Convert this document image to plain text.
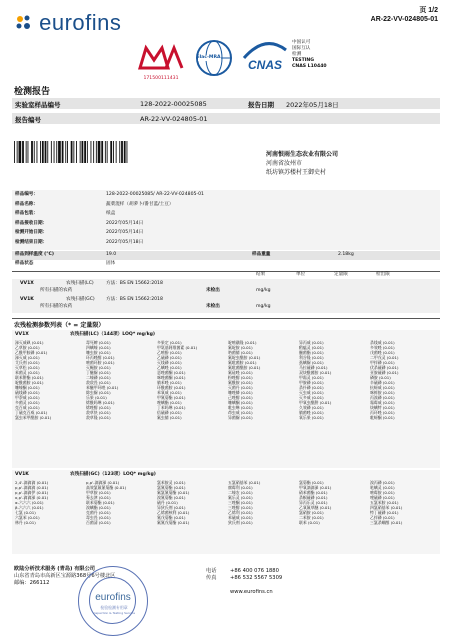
eurofins	页 1/2
AR-22-VV-024805-01
171500111431
ilac-MRA
CNAS
中国认可
国际互认
检测
TESTING
CNAS L10440
检测报告
实验室样品编号	128-2022-00025085	报告日期 2022年05月18日
报告编号	AR-22-VV-024805-01
河南恨雨生态农业有限公司
河南省汝州市
纸坊镇苏楼村王御史村
样品编号：	128-2022-00025085/ AR-22-VV-024805-01
样品名称：	蔬菜混样（胡萝卜/番甘蓝/土豆）
样品包装：	纸盒
样品接收日期：	2022年05月14日
检测开始日期：	2022年05月14日
检测结束日期：	2022年05月18日
样品到样温度 (°C)	19.0	样品重量	2.18kg
样品状态	固体
结果	单位	定量限	检出限
VV1X	农残扫描(LC)	方法：BS EN 15662:2018
所有扫描的农药	未检出	mg/kg
VV1K	农残扫描(GC) 方法：BS EN 15662:2018
所有扫描的农药	未检出	mg/kg
农残检测参数列表（* = 定量限）
VV1X	农残扫描(LC)（144项）LOQ* mg/kg)
涕灭威砜 (0.01)
乙草胺 (0.01)
乙酰甲胺磷 (0.01)
涕灭威 (0.01)
艾氏剂 (0.01)
灭草松 (0.01)
苯菌灵 (0.01)
联苯肼酯 (0.01)
啶酰菌胺 (0.01)
噻嗪酮 (0.01)
硫线磷 (0.01)
甲萘威 (0.01)
多菌灵 (0.01)
克百威 (0.01)
丁硫克百威 (0.01)
氯虫苯甲酰胺 (0.01)
毒死蜱 (0.01)
四螨嗪 (0.01)
噻虫胺 (0.01)
环丙唑醇 (0.01)
嘧菌环胺 (0.01)
灭蝇胺 (0.01)
丁醚脲 (0.01)
二嗪磷 (0.01)
敌敌畏 (0.01)
苯醚甲环唑 (0.01)
除虫脲 (0.01)
乐果 (0.01)
烯酰吗啉 (0.01)
烯唑醇 (0.01)
敌草快 (0.01)
敌草隆 (0.01)
多果定 (0.01)
甲氨基阿维菌素 (0.01)
乙嘧酚 (0.01)
乙硫磷 (0.01)
灭线磷 (0.01)
乙螨唑 (0.01)
恶唑菌酮 (0.01)
咪唑菌酮 (0.01)
腈苯唑 (0.01)
环酰菌胺 (0.01)
苯氧威 (0.01)
甲氰菊酯 (0.01)
唑螨酯 (0.01)
丁苯吗啉 (0.01)
倍硫磷 (0.01)
氟虫腈 (0.01)
啶嘧磺隆 (0.01)
氟啶胺 (0.01)
咯菌腈 (0.01)
氟啶虫酰胺 (0.01)
氟吡菌胺 (0.01)
氟吡菌酰胺 (0.01)
氟硅唑 (0.01)
粉唑醇 (0.01)
氟酰胺 (0.01)
灭菌丹 (0.01)
噻唑膦 (0.01)
己唑醇 (0.01)
噻螨酮 (0.01)
吡虫啉 (0.01)
茚虫威 (0.01)
异菌脲 (0.01)
异丙威 (0.01)
稻瘟灵 (0.01)
醚菌酯 (0.01)
利谷隆 (0.01)
虱螨脲 (0.01)
马拉硫磷 (0.01)
双炔酰菌胺 (0.01)
甲霜灵 (0.01)
甲胺磷 (0.01)
杀扑磷 (0.01)
灭虫威 (0.01)
灭多威 (0.01)
甲氧虫酰肼 (0.01)
久效磷 (0.01)
腈菌唑 (0.01)
氧乐果 (0.01)
杀线威 (0.01)
多效唑 (0.01)
戊菌唑 (0.01)
二甲戊灵 (0.01)
甲拌磷 (0.01)
伏杀硫磷 (0.01)
亚胺硫磷 (0.01)
磷胺 (0.01)
辛硫磷 (0.01)
抗蚜威 (0.01)
咪鲜胺 (0.01)
丙溴磷 (0.01)
霜霉威 (0.01)
炔螨特 (0.01)
丙环唑 (0.01)
吡蚜酮 (0.01)
VV1K	农残扫描(GC)（123项）LOQ* mg/kg)
2,4'-滴滴滴 (0.01)
p,p'-滴滴滴 (0.01)
p,p'-滴滴伊 (0.01)
o,p'-滴滴涕 (0.01)
α-六六六 (0.01)
β-六六六 (0.01)
七氯 (0.01)
六氯苯 (0.01)
林丹 (0.01)
p,p'-滴滴涕 (0.01)
高效氯氟氰菊酯 (0.01)
甲草胺 (0.01)
莠去津 (0.01)
联苯菊酯 (0.01)
溴螨酯 (0.01)
克菌丹 (0.01)
毒虫畏 (0.01)
百菌清 (0.01)
氯苯胺灵 (0.01)
氯氰菊酯 (0.01)
氟氯氰菊酯 (0.01)
溴氰菊酯 (0.01)
硫丹 (0.01)
异狄氏剂 (0.01)
乙烯菌核利 (0.01)
氰戊菊酯 (0.01)
氟氰戊菊酯 (0.01)
五氯硝基苯 (0.01)
腐霉利 (0.01)
二嗪农 (0.01)
氟乐灵 (0.01)
三唑酮 (0.01)
三唑醇 (0.01)
乙烯利 (0.01)
苯硫威 (0.01)
狄氏剂 (0.01)
氯菊酯 (0.01)
甲氧滴滴涕 (0.01)
硝苯菌酯 (0.01)
杀螟硫磷 (0.01)
异丙乐灵 (0.01)
乙氧氟草醚 (0.01)
氯硝胺 (0.01)
二苯胺 (0.01)
联苯 (0.01)
溴丙磷 (0.01)
哒螨灵 (0.01)
嘧霉胺 (0.01)
喹硫磷 (0.01)
五氯苯胺 (0.01)
四氯硝基苯 (0.01)
特丁硫磷 (0.01)
乙拌磷 (0.01)
三氯杀螨醇 (0.01)
欧陆分析技术服务 (青岛) 有限公司
山东省青岛市高新区宝源路368号6号楼北区
邮编：266112
eurofins
检验检测专用章
Inspection & Testing Service
电话
传真
+86 400 076 1880
+86 532 5567 5309
www.eurofins.cn
